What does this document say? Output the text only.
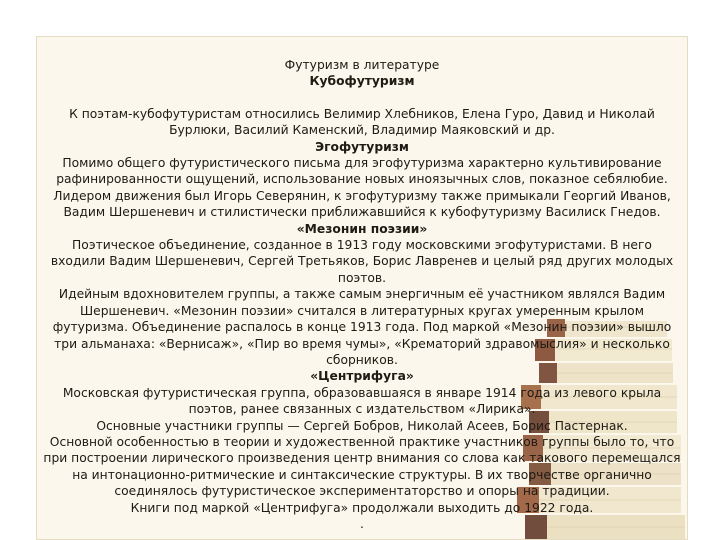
Футуризм в литературе

Кубофутуризм

К поэтам-кубофутуристам относились Велимир Хлебников, Елена Гуро, Давид и Николай Бурлюки, Василий Каменский, Владимир Маяковский и др.

Эгофутуризм

Помимо общего футуристического письма для эгофутуризма характерно культивирование рафинированности ощущений, использование новых иноязычных слов, показное себялюбие. Лидером движения был Игорь Северянин, к эгофутуризму также примыкали Георгий Иванов, Вадим Шершеневич и стилистически приближавшийся к кубофутуризму Василиск Гнедов.

«Мезонин поэзии»

Поэтическое объединение, созданное в 1913 году московскими эгофутуристами. В него входили Вадим Шершеневич, Сергей Третьяков, Борис Лавренев и целый ряд других молодых поэтов.

Идейным вдохновителем группы, а также самым энергичным её участником являлся Вадим Шершеневич. «Мезонин поэзии» считался в литературных кругах умеренным крылом футуризма. Объединение распалось в конце 1913 года. Под маркой «Мезонин поэзии» вышло три альманаха: «Вернисаж», «Пир во время чумы», «Крематорий здравомыслия» и несколько сборников.

«Центрифуга»

Московская футуристическая группа, образовавшаяся в январе 1914 года из левого крыла поэтов, ранее связанных с издательством «Лирика».

Основные участники группы — Сергей Бобров, Николай Асеев, Борис Пастернак.

Основной особенностью в теории и художественной практике участников группы было то, что при построении лирического произведения центр внимания со слова как такового перемещался на интонационно-ритмические и синтаксические структуры. В их творчестве органично соединялось футуристическое экспериментаторство и опоры на традиции.

Книги под маркой «Центрифуга» продолжали выходить до 1922 года.

.
